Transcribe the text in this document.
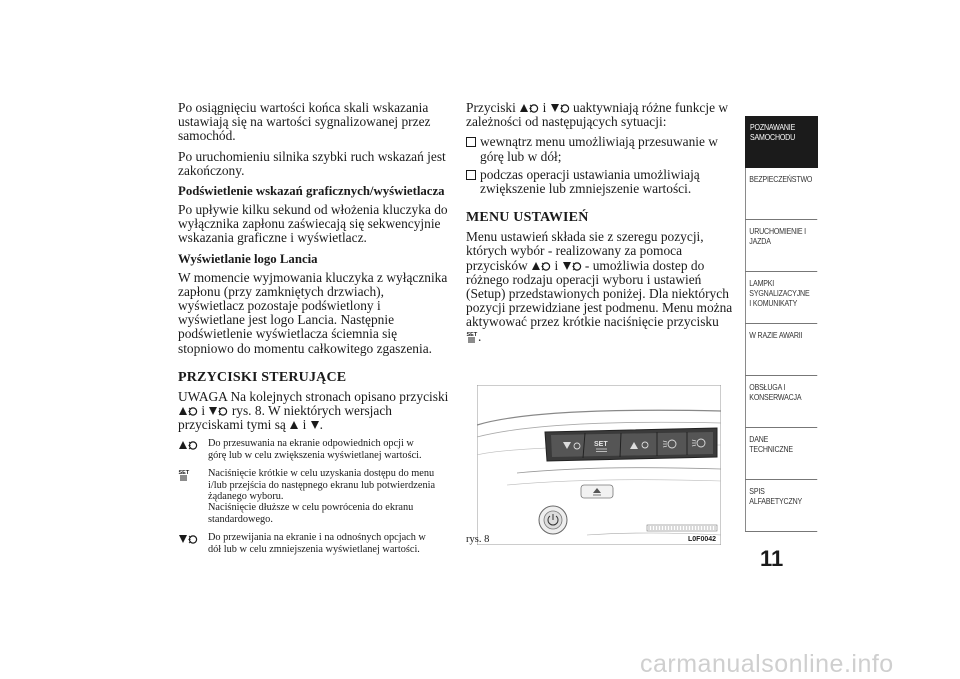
Po osiągnięciu wartości końca skali wskazania ustawiają się na wartości sygnalizowanej przez samochód.

Po uruchomieniu silnika szybki ruch wskazań jest zakończony.

Podświetlenie wskazań graficznych/wyświetlacza

Po upływie kilku sekund od włożenia kluczyka do wyłącznika zapłonu zaświecają się sekwencyjnie wskazania graficzne i wyświetlacz.

Wyświetlanie logo Lancia

W momencie wyjmowania kluczyka z wyłącznika zapłonu (przy zamkniętych drzwiach), wyświetlacz pozostaje podświetlony i wyświetlane jest logo Lancia. Następnie podświetlenie wyświetlacza ściemnia się stopniowo do momentu całkowitego zgaszenia.

PRZYCISKI STERUJĄCE

UWAGA Na kolejnych stronach opisano przyciski
i rys. 8. W niektórych wersjach przyciskami tymi są i .

Do przesuwania na ekranie odpowiednich opcji w
górę lub w celu zwiększenia wyświetlanej wartości.
Naciśnięcie krótkie w celu uzyskania dostępu do menu
i/lub przejścia do następnego ekranu lub potwierdzenia
żądanego wyboru.
Naciśnięcie dłuższe w celu powrócenia do ekranu
standardowego.
Do przewijania na ekranie i na odnośnych opcjach w
dół lub w celu zmniejszenia wyświetlanej wartości.

Przyciski i uaktywniają różne funkcje w zależności od następujących sytuacji:

wewnątrz menu umożliwiają przesuwanie w górę lub w dół;
podczas operacji ustawiania umożliwiają zwiększenie lub zmniejszenie wartości.
MENU USTAWIEŃ

Menu ustawień składa sie z szeregu pozycji, których wybór - realizowany za pomoca przycisków i - umożliwia dostep do różnego rodzaju operacji wyboru i ustawień (Setup) przedstawionych poniżej. Dla niektórych pozycji przewidziane jest podmenu. Menu można aktywować przez krótkie naciśnięcie przycisku .

SET
rys. 8	L0F0042
POZNAWANIE
SAMOCHODU
BEZPIECZEŃSTWO
URUCHOMIENIE I
JAZDA
LAMPKI
SYGNALIZACYJNE
I KOMUNIKATY
W RAZIE AWARII
OBSŁUGA I
KONSERWACJA
DANE
TECHNICZNE
SPIS
ALFABETYCZNY
11
carmanualsonline.info
